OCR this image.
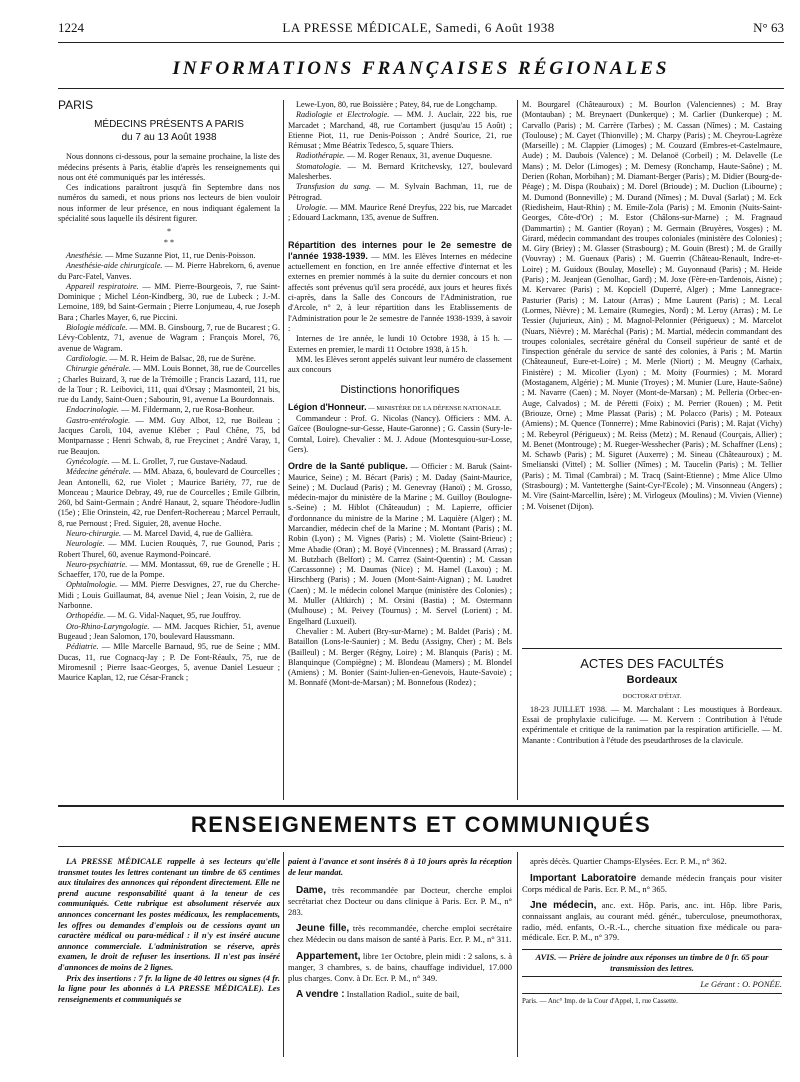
1224	LA PRESSE MÉDICALE, Samedi, 6 Août 1938	N° 63
INFORMATIONS FRANÇAISES RÉGIONALES
PARIS
MÉDECINS PRÉSENTS A PARIS
du 7 au 13 Août 1938

Nous donnons ci-dessous, pour la semaine prochaine, la liste des médecins présents à Paris, établie d'après les renseignements qui nous ont été communiqués par les intéressés.

Ces indications paraîtront jusqu'à fin Septembre dans nos numéros du samedi, et nous prions nos lecteurs de bien vouloir nous informer de leur présence, en nous indiquant également la spécialité sous laquelle ils désirent figurer.

*
* *

Anesthésie. — Mme Suzanne Piot, 11, rue Denis-Poisson.

Anesthésie-aide chirurgicale. — M. Pierre Habrekorn, 6, avenue du Parc-Fatel, Vanves.

Appareil respiratoire. — MM. Pierre-Bourgeois, 7, rue Saint-Dominique ; Michel Léon-Kindberg, 30, rue de Lubeck ; J.-M. Lemoine, 189, bd Saint-Germain ; Pierre Lonjumeau, 4, rue Joseph Bara ; Charles Mayer, 6, rue Piccini.

Biologie médicale. — MM. B. Ginsbourg, 7, rue de Bucarest ; G. Lévy-Coblentz, 71, avenue de Wagram ; François Morel, 76, avenue de Wagram.

Cardiologie. — M. R. Heim de Balsac, 28, rue de Surène.

Chirurgie générale. — MM. Louis Bonnet, 38, rue de Courcelles ; Charles Buizard, 3, rue de la Trémoille ; Francis Lazard, 111, rue de la Tour ; R. Leibovici, 111, quai d'Orsay ; Masmonteil, 21 bis, rue du Landy, Saint-Ouen ; Sabourin, 91, avenue La Bourdonnais.

Endocrinologie. — M. Fildermann, 2, rue Rosa-Bonheur.

Gastro-entérologie. — MM. Guy Albot, 12, rue Boileau ; Jacques Caroli, 104, avenue Kléber ; Paul Chêne, 75, bd Montparnasse ; Henri Schwab, 8, rue Freycinet ; André Varay, 1, rue Beaujon.

Gynécologie. — M. L. Grollet, 7, rue Gustave-Nadaud.

Médecine générale. — MM. Abaza, 6, boulevard de Courcelles ; Jean Antonelli, 62, rue Violet ; Maurice Bariéty, 77, rue de Monceau ; Maurice Debray, 49, rue de Courcelles ; Emile Gilbrin, 260, bd Saint-Germain ; André Hanaut, 2, square Théodore-Judlin (15e) ; Elie Orinstein, 42, rue Denfert-Rochereau ; Marcel Perrault, 8, rue Pernoust ; Fred. Siguier, 28, avenue Hoche.

Neuro-chirurgie. — M. Marcel David, 4, rue de Gallièra.

Neurologie. — MM. Lucien Rouquès, 7, rue Gounod, Paris ; Robert Thurel, 60, avenue Raymond-Poincaré.

Neuro-psychiatrie. — MM. Montassut, 69, rue de Grenelle ; H. Schaeffer, 170, rue de la Pompe.

Ophtalmologie. — MM. Pierre Desvignes, 27, rue du Cherche-Midi ; Louis Guillaumat, 84, avenue Niel ; Jean Voisin, 2, rue de Narbonne.

Orthopédie. — M. G. Vidal-Naquet, 95, rue Jouffroy.

Oto-Rhino-Laryngologie. — MM. Jacques Richier, 51, avenue Bugeaud ; Jean Salomon, 170, boulevard Haussmann.

Pédiatrie. — Mlle Marcelle Barnaud, 95, rue de Seine ; MM. Ducas, 11, rue Cognacq-Jay ; P. De Font-Réaulx, 75, rue de Miromesnil ; Pierre Isaac-Georges, 5, avenue Daniel Lesueur ; Maurice Kaplan, 12, rue César-Franck ;

Lewe-Lyon, 80, rue Boissière ; Patey, 84, rue de Longchamp.

Radiologie et Electrologie. — MM. J. Auclair, 222 bis, rue Marcadet ; Marchand, 48, rue Cortambert (jusqu'au 15 Août) ; Etienne Piot, 11, rue Denis-Poisson ; André Sourice, 21, rue Rémusat ; Mme Béatrix Tedesco, 5, square Thiers.

Radiothérapie. — M. Roger Renaux, 31, avenue Duquesne.

Stomatologie. — M. Bernard Kritchevsky, 127, boulevard Malesherbes.

Transfusion du sang. — M. Sylvain Bachman, 11, rue de Pétrograd.

Urologie. — MM. Maurice René Dreyfus, 222 bis, rue Marcadet ; Edouard Lackmann, 135, avenue de Suffren.

Répartition des internes pour le 2e semestre de l'année 1938-1939. — MM. les Elèves Internes en médecine actuellement en fonction, en 1re année effective d'internat et les externes en premier nommés à la suite du dernier concours et non affectés sont prévenus qu'il sera procédé, aux jours et heures fixés ci-après, dans la Salle des Concours de l'Administration, rue d'Arcole, n° 2, à leur répartition dans les Etablissements de l'Administration pour le 2e semestre de l'année 1938-1939, à savoir :

Internes de 1re année, le lundi 10 Octobre 1938, à 15 h. — Externes en premier, le mardi 11 Octobre 1938, à 15 h.

MM. les Elèves seront appelés suivant leur numéro de classement aux concours

Distinctions honorifiques

Légion d'Honneur. — MINISTÈRE DE LA DÉFENSE NATIONALE.

Commandeur : Prof. G. Nicolas (Nancy). Officiers : MM. A. Gaïcee (Boulogne-sur-Gesse, Haute-Garonne) ; G. Cassin (Sury-le-Comtal, Loire). Chevalier : M. J. Adoue (Montesquiou-sur-Losse, Gers).

Ordre de la Santé publique. — Officier : M. Baruk (Saint-Maurice, Seine) ; M. Bécart (Paris) ; M. Daday (Saint-Maurice, Seine) ; M. Duclaud (Paris) ; M. Genevray (Hanoï) ; M. Grosso, médecin-major du ministère de la Marine ; M. Guilloy (Boulogne-s.-Seine) ; M. Hiblot (Châteaudun) ; M. Lapierre, officier d'ordonnance du ministre de la Marine ; M. Laquière (Alger) ; M. Marcandier, médecin chef de la Marine ; M. Montant (Paris) ; M. Robin (Lyon) ; M. Vignes (Paris) ; M. Violette (Saint-Brieuc) ; Mme Abadie (Oran) ; M. Boyé (Vincennes) ; M. Brassard (Arras) ; M. Butzbach (Belfort) ; M. Carrez (Saint-Quentin) ; M. Cassan (Carcassonne) ; M. Daumas (Nice) ; M. Hamel (Laxou) ; M. Hirschberg (Paris) ; M. Jouen (Mont-Saint-Aignan) ; M. Laudret (Caen) ; M. le médecin colonel Marque (ministère des Colonies) ; M. Muller (Altkirch) ; M. Orsini (Bastia) ; M. Ostermann (Mulhouse) ; M. Peivey (Tournus) ; M. Servel (Lorient) ; M. Engelhard (Luxueil).

Chevalier : M. Aubert (Bry-sur-Marne) ; M. Baldet (Paris) ; M. Bataillon (Lons-le-Saunier) ; M. Bedu (Assigny, Cher) ; M. Bels (Bailleul) ; M. Berger (Régny, Loire) ; M. Blanquis (Paris) ; M. Blanquinque (Compiègne) ; M. Blondeau (Mamers) ; M. Blondel (Amiens) ; M. Bonier (Saint-Julien-en-Genevois, Haute-Savoie) ; M. Bonnafé (Mont-de-Marsan) ; M. Bonnefous (Rodez) ;

M. Bourgarel (Châteauroux) ; M. Bourlon (Valenciennes) ; M. Bray (Montauban) ; M. Breynaert (Dunkerque) ; M. Carlier (Dunkerque) ; M. Carvallo (Paris) ; M. Carrère (Tarbes) ; M. Cassan (Nîmes) ; M. Castaing (Toulouse) ; M. Cayet (Thionville) ; M. Charpy (Paris) ; M. Cheyrou-Lagrèze (Marseille) ; M. Clappier (Limoges) ; M. Couzard (Embres-et-Castelmaure, Aude) ; M. Daubois (Valence) ; M. Delanoë (Corbeil) ; M. Delavelle (Le Mans) ; M. Delor (Limoges) ; M. Demesy (Ronchamp, Haute-Saône) ; M. Derien (Rohan, Morbihan) ; M. Diamant-Berger (Paris) ; M. Didier (Bourg-de-Péage) ; M. Dispa (Roubaix) ; M. Dorel (Brioude) ; M. Duclion (Libourne) ; M. Dumond (Bonneville) ; M. Durand (Nîmes) ; M. Duval (Sarlat) ; M. Eck (Riedisheim, Haut-Rhin) ; M. Emile-Zola (Paris) ; M. Emonin (Nuits-Saint-Georges, Côte-d'Or) ; M. Estor (Châlons-sur-Marne) ; M. Fragnaud (Dammartin) ; M. Gantier (Royan) ; M. Germain (Bruyères, Vosges) ; M. Girard, médecin commandant des troupes coloniales (ministère des Colonies) ; M. Giry (Briey) ; M. Glasser (Strasbourg) ; M. Gouin (Brest) ; M. de Grailly (Vouvray) ; M. Guenaux (Paris) ; M. Guerrin (Château-Renault, Indre-et-Loire) ; M. Guidoux (Boulay, Moselle) ; M. Guyonnaud (Paris) ; M. Heide (Paris) ; M. Jeanjean (Genolhac, Gard) ; M. Joxe (Fère-en-Tardenois, Aisne) ; M. Kervarec (Paris) ; M. Kopciell (Duperré, Alger) ; Mme Lannegrace-Pasturier (Paris) ; M. Latour (Arras) ; Mme Laurent (Paris) ; M. Lecal (Lormes, Nièvre) ; M. Lemaire (Rumegies, Nord) ; M. Leroy (Arras) ; M. Le Tessier (Jujurieux, Ain) ; M. Magnol-Pelonnier (Périgueux) ; M. Marcelot (Nuars, Nièvre) ; M. Maréchal (Paris) ; M. Martial, médecin commandant des troupes coloniales, secrétaire général du Conseil supérieur de santé et de l'inspection générale du service de santé des colonies, à Paris ; M. Martin (Châteauneuf, Eure-et-Loire) ; M. Merle (Niort) ; M. Meugny (Carhaix, Finistère) ; M. Micolier (Lyon) ; M. Moity (Fourmies) ; M. Morard (Mostaganem, Algérie) ; M. Munie (Troyes) ; M. Munier (Lure, Haute-Saône) ; M. Navarre (Caen) ; M. Noyer (Mont-de-Marsan) ; M. Pelleria (Orbec-en-Auge, Calvados) ; M. de Péretti (Foix) ; M. Perrier (Rouen) ; M. Petit (Briouze, Orne) ; Mme Plassat (Paris) ; M. Polacco (Paris) ; M. Poteaux (Amiens) ; M. Quence (Tonnerre) ; Mme Rabinovici (Paris) ; M. Rajat (Vichy) ; M. Rebeyrol (Périgueux) ; M. Reiss (Metz) ; M. Renaud (Courçais, Allier) ; M. Benet (Montrouge) ; M. Rueger-Wesshecher (Paris) ; M. Schaffner (Lens) ; M. Schawb (Paris) ; M. Siguret (Auxerre) ; M. Sineau (Châteauroux) ; M. Smelianski (Vittel) ; M. Sollier (Nîmes) ; M. Taucelin (Paris) ; M. Tellier (Paris) ; M. Timal (Cambrai) ; M. Tracq (Saint-Etienne) ; Mme Alice Ulmo (Strasbourg) ; M. Vantetterghe (Saint-Cyr-l'Ecole) ; M. Vinsonneau (Angers) ; M. Vire (Saint-Marcellin, Isère) ; M. Virlogeux (Moulins) ; M. Vivien (Vienne) ; M. Voisenet (Dijon).

ACTES DES FACULTÉS
Bordeaux
DOCTORAT D'ÉTAT.

18-23 JUILLET 1938. — M. Marchalant : Les moustiques à Bordeaux. Essai de prophylaxie culicifuge. — M. Kervern : Contribution à l'étude expérimentale et critique de la ranimation par la respiration artificielle. — M. Manante : Contribution à l'étude des pseudarthroses de la clavicule.

RENSEIGNEMENTS ET COMMUNIQUÉS

LA PRESSE MÉDICALE rappelle à ses lecteurs qu'elle transmet toutes les lettres contenant un timbre de 65 centimes aux titulaires des annonces qui répondent directement. Elle ne prend aucune responsabilité quant à la teneur de ces communiqués. Cette rubrique est absolument réservée aux annonces concernant les postes médicaux, les remplacements, les offres ou demandes d'emplois ou de cessions ayant un caractère médical ou para-médical : il n'y est inséré aucune annonce commerciale. L'administration se réserve, après examen, le droit de refuser les insertions. Il n'est pas inséré d'annonces de moins de 2 lignes.

Prix des insertions : 7 fr. la ligne de 40 lettres ou signes (4 fr. la ligne pour les abonnés à LA PRESSE MÉDICALE). Les renseignements et communiqués se

paient à l'avance et sont insérés 8 à 10 jours après la réception de leur mandat.

Dame, très recommandée par Docteur, cherche emploi secrétariat chez Docteur ou dans clinique à Paris. Ecr. P. M., n° 283.

Jeune fille, très recommandée, cherche emploi secrétaire chez Médecin ou dans maison de santé à Paris. Ecr. P. M., n° 311.

Appartement, libre 1er Octobre, plein midi : 2 salons, s. à manger, 3 chambres, s. de bains, chauffage individuel, 17.000 plus charges. Conv. à Dr. Ecr. P. M., n° 349.

A vendre : Installation Radiol., suite de bail,

après décès. Quartier Champs-Elysées. Ecr. P. M., n° 362.

Important Laboratoire demande médecin français pour visiter Corps médical de Paris. Ecr. P. M., n° 365.

Jne médecin, anc. ext. Hôp. Paris, anc. int. Hôp. libre Paris, connaissant anglais, au courant méd. génér., tuberculose, pneumothorax, radio, méd. enfants, O.-R.-L., cherche situation fixe médicale ou para-médicale. Ecr. P. M., n° 379.

AVIS. — Prière de joindre aux réponses un timbre de 0 fr. 65 pour transmission des lettres.

Le Gérant : O. PONÉE.
Paris. — Anc° Imp. de la Cour d'Appel, 1, rue Cassette.
